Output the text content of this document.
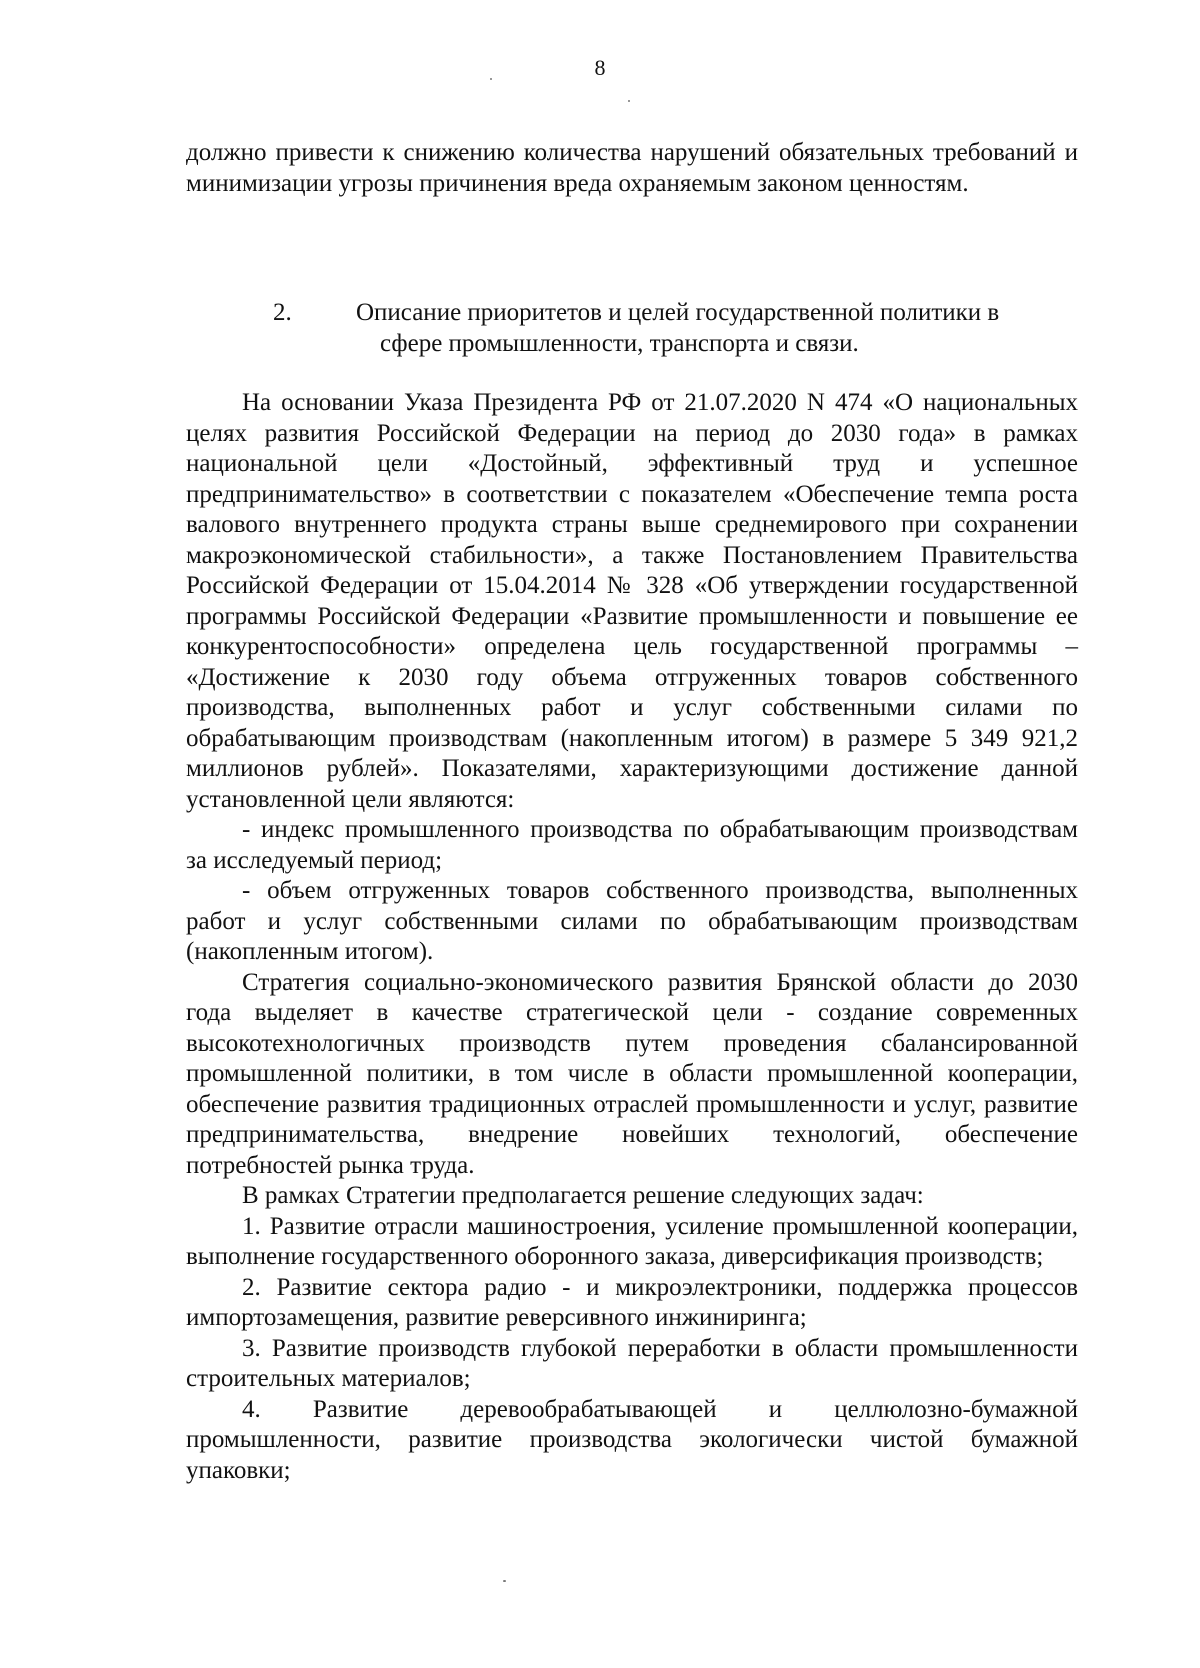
8

должно привести к снижению количества нарушений обязательных требований и минимизации угрозы причинения вреда охраняемым законом ценностям.

2.	Описание приоритетов и целей государственной политики в
сфере промышленности, транспорта и связи.

На основании Указа Президента РФ от 21.07.2020 N 474 «О национальных целях развития Российской Федерации на период до 2030 года» в рамках национальной цели «Достойный, эффективный труд и успешное предпринимательство» в соответствии с показателем «Обеспечение темпа роста валового внутреннего продукта страны выше среднемирового при сохранении макроэкономической стабильности», а также Постановлением Правительства Российской Федерации от 15.04.2014 № 328 «Об утверждении государственной программы Российской Федерации «Развитие промышленности и повышение ее конкурентоспособности» определена цель государственной программы – «Достижение к 2030 году объема отгруженных товаров собственного производства, выполненных работ и услуг собственными силами по обрабатывающим производствам (накопленным итогом) в размере 5 349 921,2 миллионов рублей». Показателями, характеризующими достижение данной установленной цели являются:

- индекс промышленного производства по обрабатывающим производствам за исследуемый период;

- объем отгруженных товаров собственного производства, выполненных работ и услуг собственными силами по обрабатывающим производствам (накопленным итогом).

Стратегия социально-экономического развития Брянской области до 2030 года выделяет в качестве стратегической цели - создание современных высокотехнологичных производств путем проведения сбалансированной промышленной политики, в том числе в области промышленной кооперации, обеспечение развития традиционных отраслей промышленности и услуг, развитие предпринимательства, внедрение новейших технологий, обеспечение потребностей рынка труда.

В рамках Стратегии предполагается решение следующих задач:

1. Развитие отрасли машиностроения, усиление промышленной кооперации, выполнение государственного оборонного заказа, диверсификация производств;

2. Развитие сектора радио - и микроэлектроники, поддержка процессов импортозамещения, развитие реверсивного инжиниринга;

3. Развитие производств глубокой переработки в области промышленности строительных материалов;

4. Развитие деревообрабатывающей и целлюлозно-бумажной промышленности, развитие производства экологически чистой бумажной упаковки;
